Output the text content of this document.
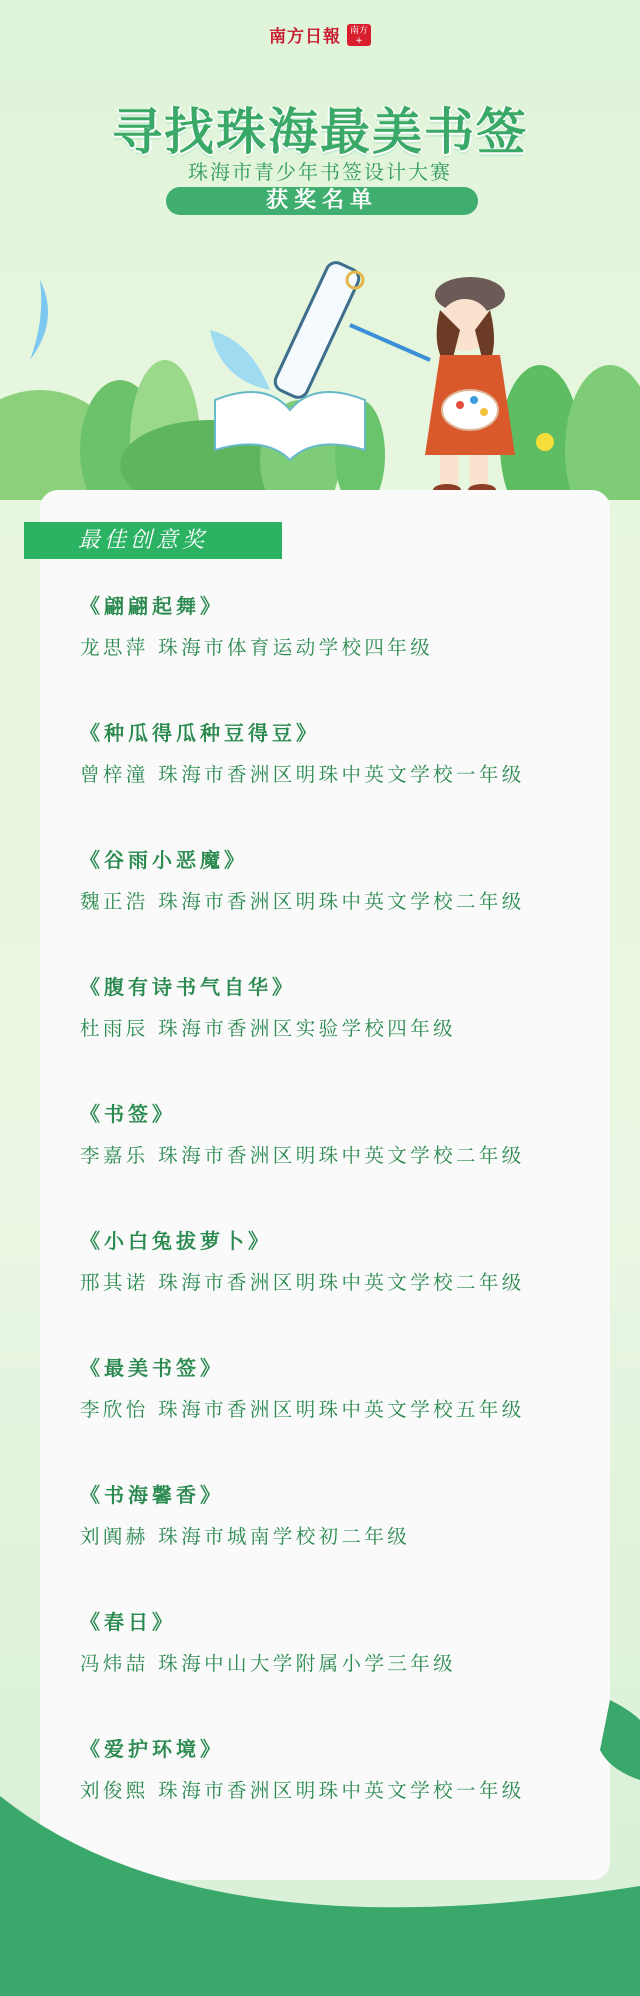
南方日報 南方+
寻找珠海最美书签
珠海市青少年书签设计大赛
获奖名单
最佳创意奖
《翩翩起舞》
龙思萍 珠海市体育运动学校四年级
《种瓜得瓜种豆得豆》
曾梓潼 珠海市香洲区明珠中英文学校一年级
《谷雨小恶魔》
魏正浩 珠海市香洲区明珠中英文学校二年级
《腹有诗书气自华》
杜雨辰 珠海市香洲区实验学校四年级
《书签》
李嘉乐 珠海市香洲区明珠中英文学校二年级
《小白兔拔萝卜》
邢其诺 珠海市香洲区明珠中英文学校二年级
《最美书签》
李欣怡 珠海市香洲区明珠中英文学校五年级
《书海馨香》
刘阗赫 珠海市城南学校初二年级
《春日》
冯炜喆 珠海中山大学附属小学三年级
《爱护环境》
刘俊熙 珠海市香洲区明珠中英文学校一年级
